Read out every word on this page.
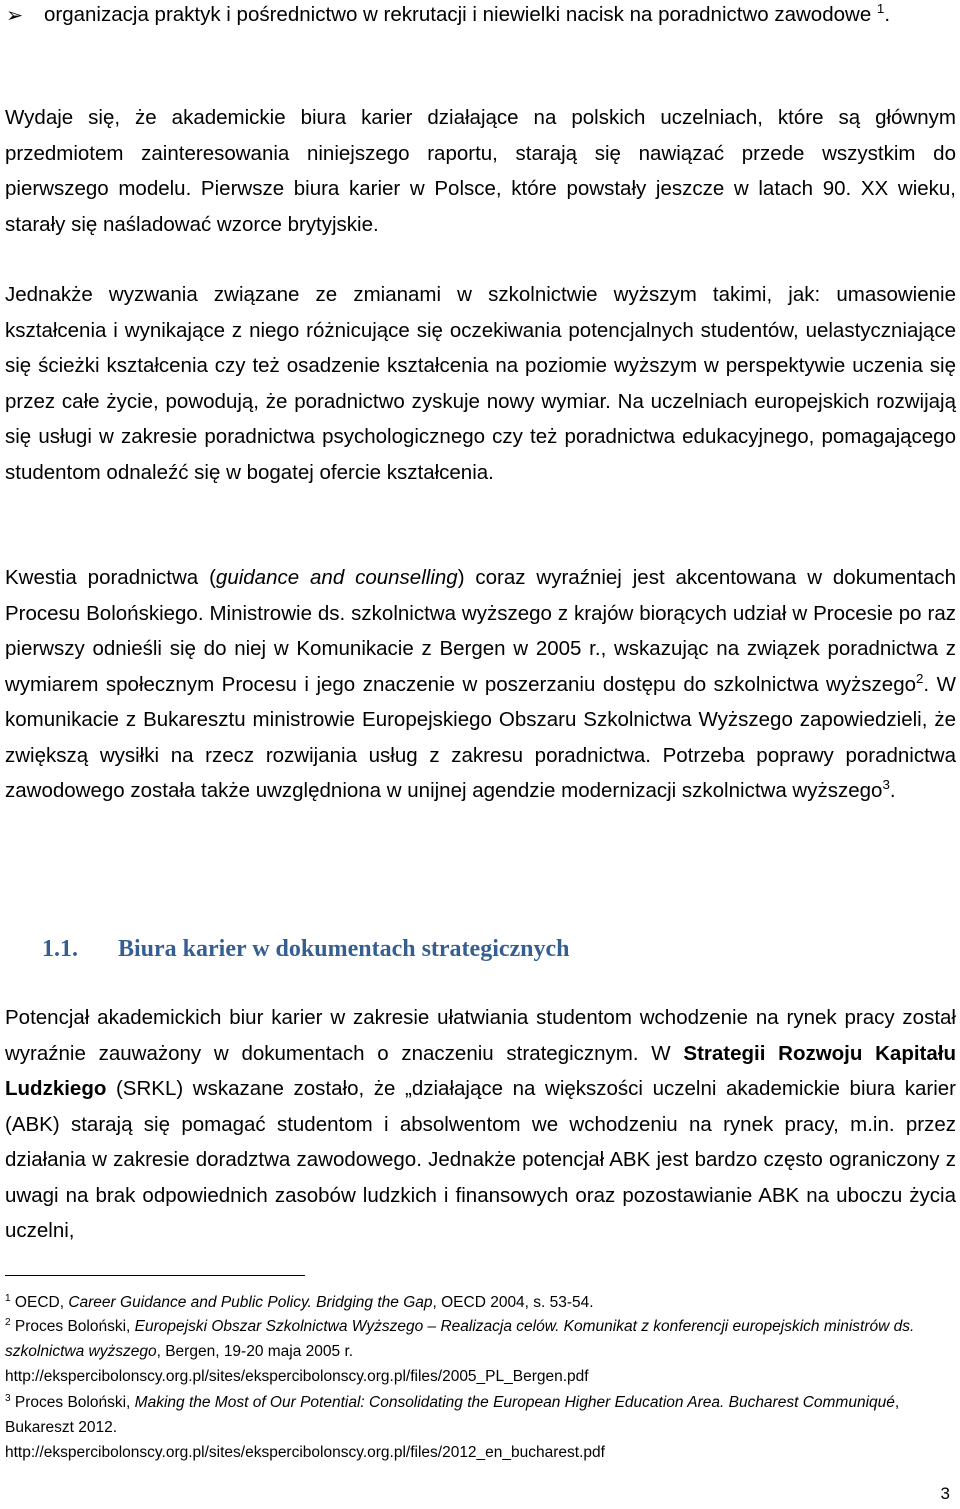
➢ organizacja praktyk i pośrednictwo w rekrutacji i niewielki nacisk na poradnictwo zawodowe $^1$.

Wydaje się, że akademickie biura karier działające na polskich uczelniach, które są głównym przedmiotem zainteresowania niniejszego raportu, starają się nawiązać przede wszystkim do pierwszego modelu. Pierwsze biura karier w Polsce, które powstały jeszcze w latach 90. XX wieku, starały się naśladować wzorce brytyjskie.

Jednakże wyzwania związane ze zmianami w szkolnictwie wyższym takimi, jak: umasowienie kształcenia i wynikające z niego różnicujące się oczekiwania potencjalnych studentów, uelastyczniające się ścieżki kształcenia czy też osadzenie kształcenia na poziomie wyższym w perspektywie uczenia się przez całe życie, powodują, że poradnictwo zyskuje nowy wymiar. Na uczelniach europejskich rozwijają się usługi w zakresie poradnictwa psychologicznego czy też poradnictwa edukacyjnego, pomagającego studentom odnaleźć się w bogatej ofercie kształcenia.

Kwestia poradnictwa (guidance and counselling) coraz wyraźniej jest akcentowana w dokumentach Procesu Bolońskiego. Ministrowie ds. szkolnictwa wyższego z krajów biorących udział w Procesie po raz pierwszy odnieśli się do niej w Komunikacie z Bergen w 2005 r., wskazując na związek poradnictwa z wymiarem społecznym Procesu i jego znaczenie w poszerzaniu dostępu do szkolnictwa wyższego$^2$. W komunikacie z Bukaresztu ministrowie Europejskiego Obszaru Szkolnictwa Wyższego zapowiedzieli, że zwiększą wysiłki na rzecz rozwijania usług z zakresu poradnictwa. Potrzeba poprawy poradnictwa zawodowego została także uwzględniona w unijnej agendzie modernizacji szkolnictwa wyższego$^3$.

1.1. Biura karier w dokumentach strategicznych

Potencjał akademickich biur karier w zakresie ułatwiania studentom wchodzenie na rynek pracy został wyraźnie zauważony w dokumentach o znaczeniu strategicznym. W Strategii Rozwoju Kapitału Ludzkiego (SRKL) wskazane zostało, że „działające na większości uczelni akademickie biura karier (ABK) starają się pomagać studentom i absolwentom we wchodzeniu na rynek pracy, m.in. przez działania w zakresie doradztwa zawodowego. Jednakże potencjał ABK jest bardzo często ograniczony z uwagi na brak odpowiednich zasobów ludzkich i finansowych oraz pozostawianie ABK na uboczu życia uczelni,

$^1$ OECD, Career Guidance and Public Policy. Bridging the Gap, OECD 2004, s. 53-54.

$^2$ Proces Boloński, Europejski Obszar Szkolnictwa Wyższego – Realizacja celów. Komunikat z konferencji europejskich ministrów ds. szkolnictwa wyższego, Bergen, 19-20 maja 2005 r.
http://ekspercibolonscy.org.pl/sites/ekspercibolonscy.org.pl/files/2005_PL_Bergen.pdf

$^3$ Proces Boloński, Making the Most of Our Potential: Consolidating the European Higher Education Area. Bucharest Communiqué, Bukareszt 2012.
http://ekspercibolonscy.org.pl/sites/ekspercibolonscy.org.pl/files/2012_en_bucharest.pdf

3
